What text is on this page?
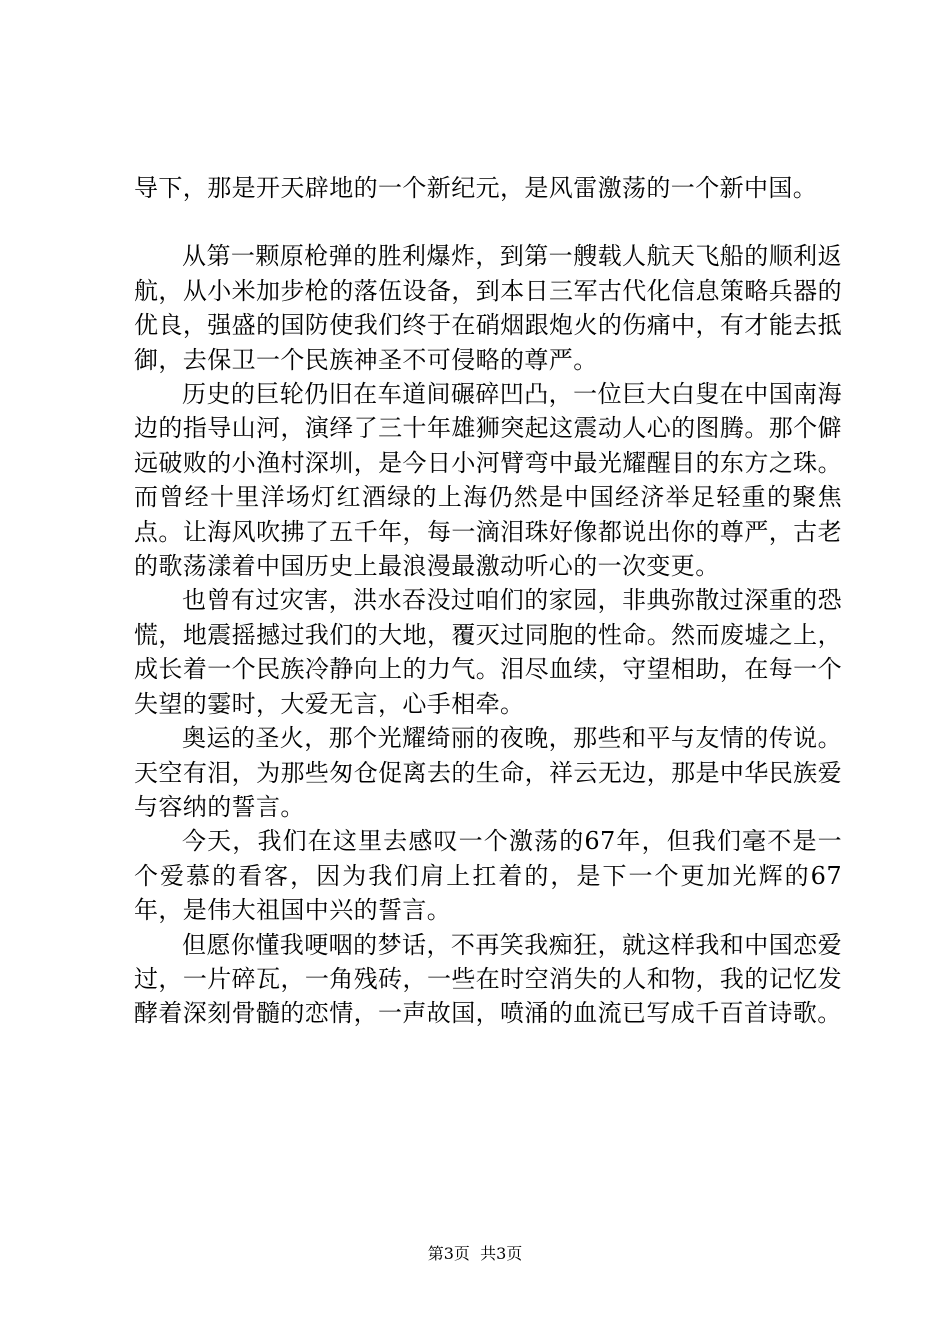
导下，那是开天辟地的一个新纪元，是风雷激荡的一个新中国。

从第一颗原枪弹的胜利爆炸，到第一艘载人航天飞船的顺利返航，从小米加步枪的落伍设备，到本日三军古代化信息策略兵器的优良，强盛的国防使我们终于在硝烟跟炮火的伤痛中，有才能去抵御，去保卫一个民族神圣不可侵略的尊严。

历史的巨轮仍旧在车道间碾碎凹凸，一位巨大白叟在中国南海边的指导山河，演绎了三十年雄狮突起这震动人心的图腾。那个僻远破败的小渔村深圳，是今日小河臂弯中最光耀醒目的东方之珠。而曾经十里洋场灯红酒绿的上海仍然是中国经济举足轻重的聚焦点。让海风吹拂了五千年，每一滴泪珠好像都说出你的尊严，古老的歌荡漾着中国历史上最浪漫最激动听心的一次变更。

也曾有过灾害，洪水吞没过咱们的家园，非典弥散过深重的恐慌，地震摇撼过我们的大地，覆灭过同胞的性命。然而废墟之上，成长着一个民族冷静向上的力气。泪尽血续，守望相助，在每一个失望的霎时，大爱无言，心手相牵。

奥运的圣火，那个光耀绮丽的夜晚，那些和平与友情的传说。天空有泪，为那些匆仓促离去的生命，祥云无边，那是中华民族爱与容纳的誓言。

今天，我们在这里去感叹一个激荡的67年，但我们毫不是一个爱慕的看客，因为我们肩上扛着的，是下一个更加光辉的67年，是伟大祖国中兴的誓言。

但愿你懂我哽咽的梦话，不再笑我痴狂，就这样我和中国恋爱过，一片碎瓦，一角残砖，一些在时空消失的人和物，我的记忆发酵着深刻骨髓的恋情，一声故国，喷涌的血流已写成千百首诗歌。

第3页  共3页
